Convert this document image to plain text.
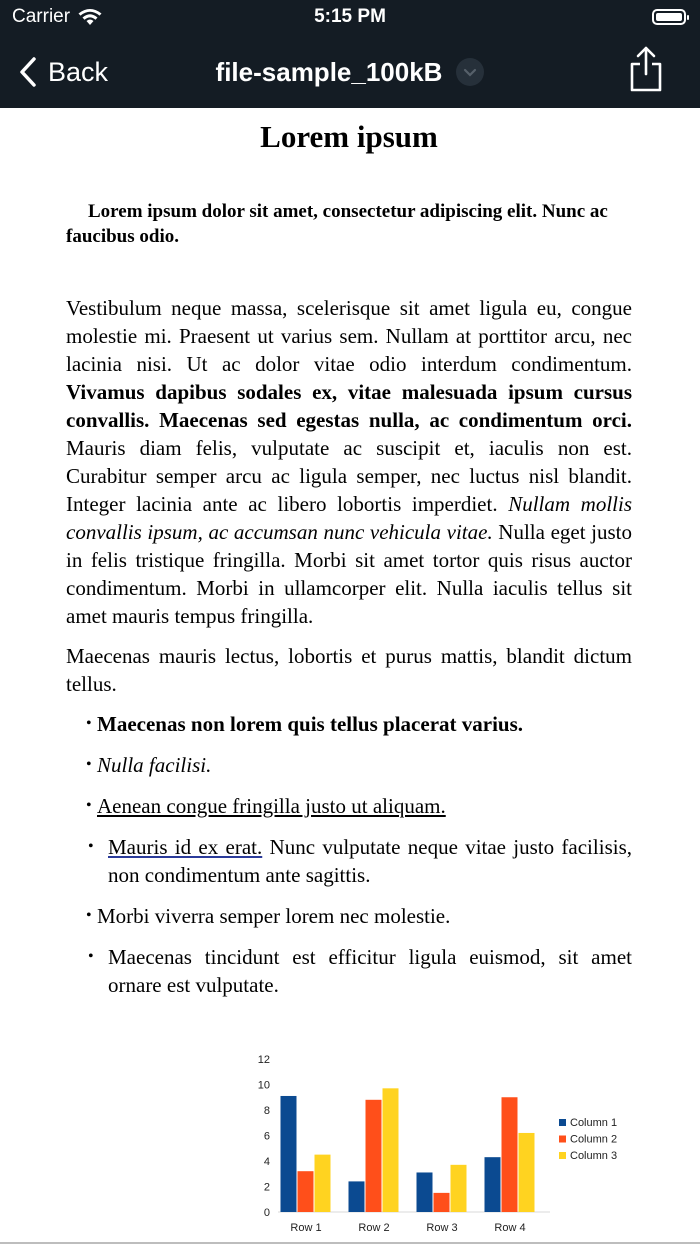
Carrier	5:15 PM
Back	file-sample_100kB
Lorem ipsum

Lorem ipsum dolor sit amet, consectetur adipiscing elit. Nunc ac faucibus odio.

Vestibulum neque massa, scelerisque sit amet ligula eu, congue molestie mi. Praesent ut varius sem. Nullam at porttitor arcu, nec lacinia nisi. Ut ac dolor vitae odio interdum condimentum. Vivamus dapibus sodales ex, vitae malesuada ipsum cursus convallis. Maecenas sed egestas nulla, ac condimentum orci. Mauris diam felis, vulputate ac suscipit et, iaculis non est. Curabitur semper arcu ac ligula semper, nec luctus nisl blandit. Integer lacinia ante ac libero lobortis imperdiet. Nullam mollis convallis ipsum, ac accumsan nunc vehicula vitae. Nulla eget justo in felis tristique fringilla. Morbi sit amet tortor quis risus auctor condimentum. Morbi in ullamcorper elit. Nulla iaculis tellus sit amet mauris tempus fringilla.

Maecenas mauris lectus, lobortis et purus mattis, blandit dictum tellus.

• Maecenas non lorem quis tellus placerat varius.
• Nulla facilisi.
• Aenean congue fringilla justo ut aliquam.
• Mauris id ex erat. Nunc vulputate neque vitae justo facilisis, non condimentum ante sagittis.
• Morbi viverra semper lorem nec molestie.
• Maecenas tincidunt est efficitur ligula euismod, sit amet ornare est vulputate.
0
2
4
6
8
10
12
Row 1	Row 2	Row 3	Row 4
Column 1
Column 2
Column 3
